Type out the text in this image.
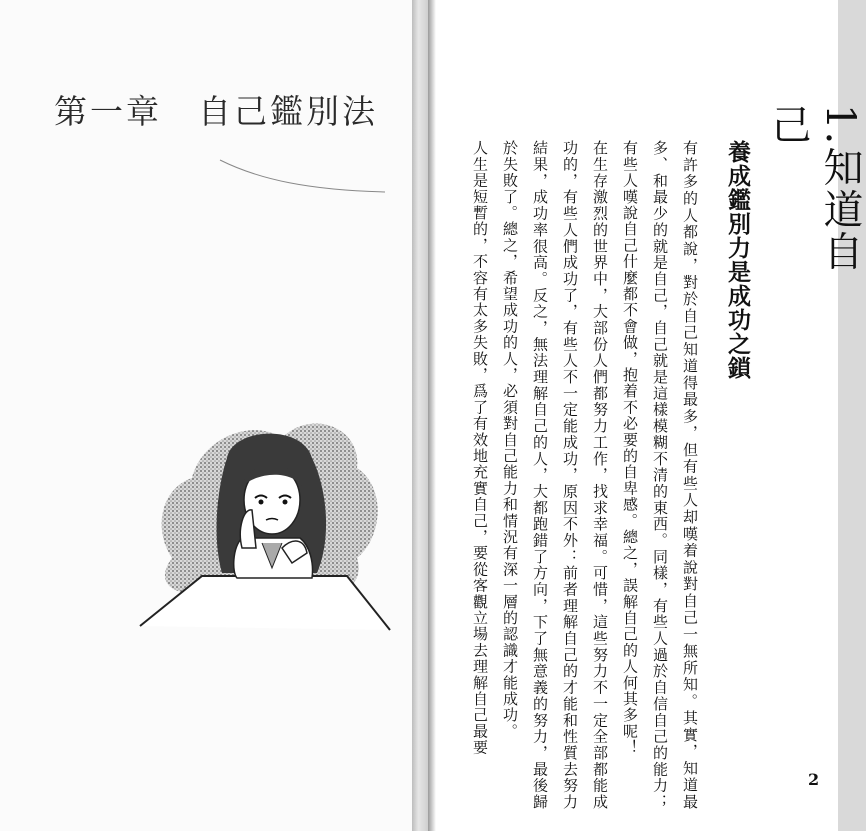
第一章　自己鑑別法	1.知道自己
養成鑑別力是成功之鎖

有許多的人都說，對於自己知道得最多，但有些人却嘆着說對自己一無所知。其實，知道最多、和最少的就是自己，自己就是這樣模糊不清的東西。同樣，有些人過於自信自己的能力；有些人嘆說自己什麼都不會做，抱着不必要的自卑感。總之，誤解自己的人何其多呢！

在生存激烈的世界中，大部份人們都努力工作，找求幸福。可惜，這些努力不一定全部都能成功的，有些人們成功了，有些人不一定能成功，原因不外：前者理解自己的才能和性質去努力結果，成功率很高。反之，無法理解自己的人，大都跑錯了方向，下了無意義的努力，最後歸於失敗了。總之，希望成功的人，必須對自己能力和情況有深一層的認識才能成功。

人生是短暫的，不容有太多失敗，爲了有效地充實自己，要從客觀立場去理解自己最要

2
